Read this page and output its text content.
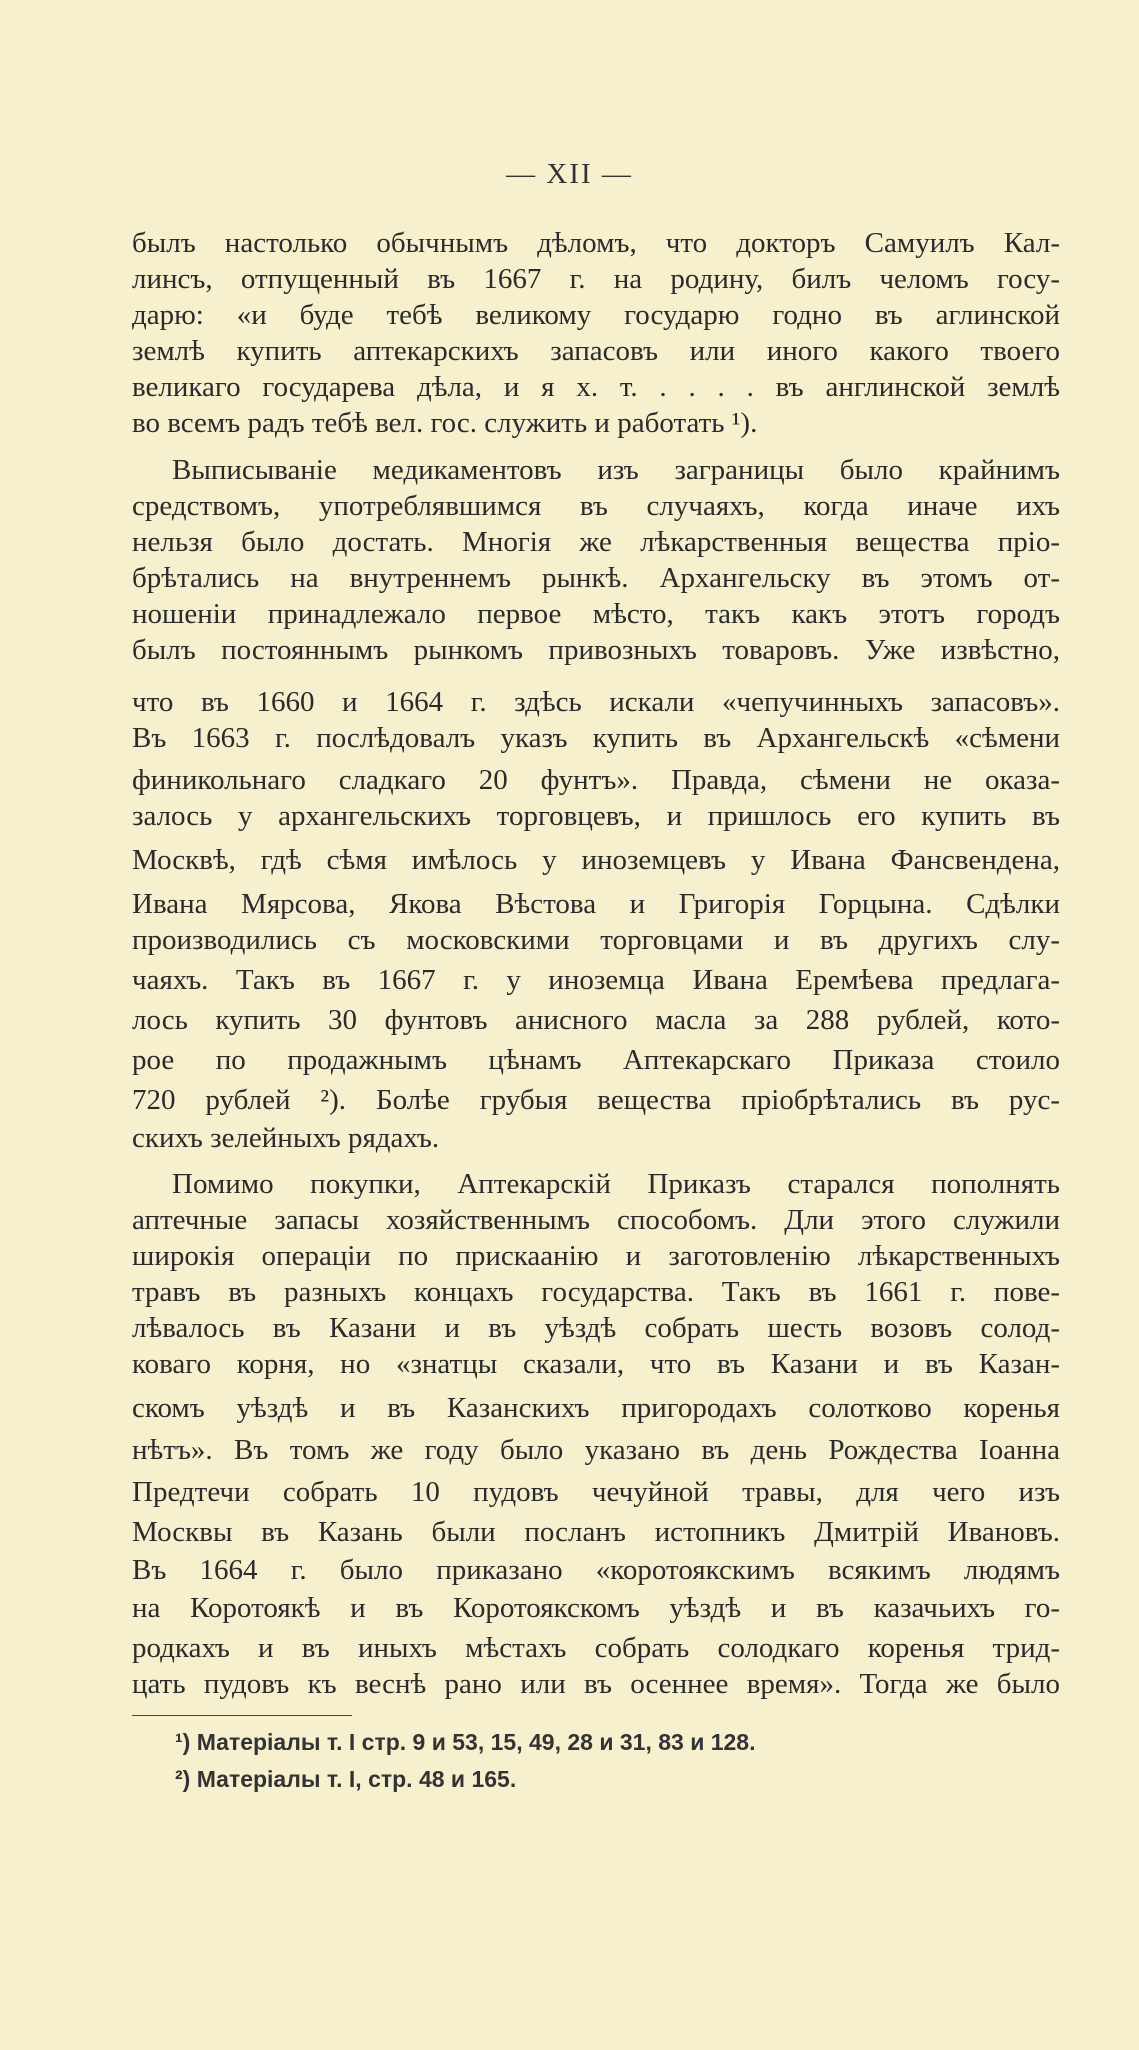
— XII —
былъ настолько обычнымъ дѣломъ, что докторъ Самуилъ Кал-
линсъ, отпущенный въ 1667 г. на родину, билъ челомъ госу-
дарю: «и буде тебѣ великому государю годно въ аглинской
землѣ купить аптекарскихъ запасовъ или иного какого твоего
великаго государева дѣла, и я х. т. . . . . въ англинской землѣ
во всемъ радъ тебѣ вел. гос. служить и работать ¹).
Выписываніе медикаментовъ изъ заграницы было крайнимъ
средствомъ, употреблявшимся въ случаяхъ, когда иначе ихъ
нельзя было достать. Многія же лѣкарственныя вещества пріо-
брѣтались на внутреннемъ рынкѣ. Архангельску въ этомъ от-
ношеніи принадлежало первое мѣсто, такъ какъ этотъ городъ
былъ постояннымъ рынкомъ привозныхъ товаровъ. Уже извѣстно,
что въ 1660 и 1664 г. здѣсь искали «чепучинныхъ запасовъ».
Въ 1663 г. послѣдовалъ указъ купить въ Архангельскѣ «сѣмени
финикольнаго сладкаго 20 фунтъ». Правда, сѣмени не оказа-
залось у архангельскихъ торговцевъ, и пришлось его купить въ
Москвѣ, гдѣ сѣмя имѣлось у иноземцевъ у Ивана Фансвендена,
Ивана Мярсова, Якова Вѣстова и Григорія Горцына. Сдѣлки
производились съ московскими торговцами и въ другихъ слу-
чаяхъ. Такъ въ 1667 г. у иноземца Ивана Еремѣева предлага-
лось купить 30 фунтовъ анисного масла за 288 рублей, кото-
рое по продажнымъ цѣнамъ Аптекарскаго Приказа стоило
720 рублей ²). Болѣе грубыя вещества пріобрѣтались въ рус-
скихъ зелейныхъ рядахъ.
Помимо покупки, Аптекарскій Приказъ старался пополнять
аптечные запасы хозяйственнымъ способомъ. Дли этого служили
широкія операціи по прискаанію и заготовленію лѣкарственныхъ
травъ въ разныхъ концахъ государства. Такъ въ 1661 г. пове-
лѣвалось въ Казани и въ уѣздѣ собрать шесть возовъ солод-
коваго корня, но «знатцы сказали, что въ Казани и въ Казан-
скомъ уѣздѣ и въ Казанскихъ пригородахъ солотково коренья
нѣтъ». Въ томъ же году было указано въ день Рождества Іоанна
Предтечи собрать 10 пудовъ чечуйной травы, для чего изъ
Москвы въ Казань были посланъ истопникъ Дмитрій Ивановъ.
Въ 1664 г. было приказано «коротоякскимъ всякимъ людямъ
на Коротоякѣ и въ Коротоякскомъ уѣздѣ и въ казачьихъ го-
родкахъ и въ иныхъ мѣстахъ собрать солодкаго коренья трид-
цать пудовъ къ веснѣ рано или въ осеннее время». Тогда же было
¹) Матеріалы т. I стр. 9 и 53, 15, 49, 28 и 31, 83 и 128.
²) Матеріалы т. I, стр. 48 и 165.
